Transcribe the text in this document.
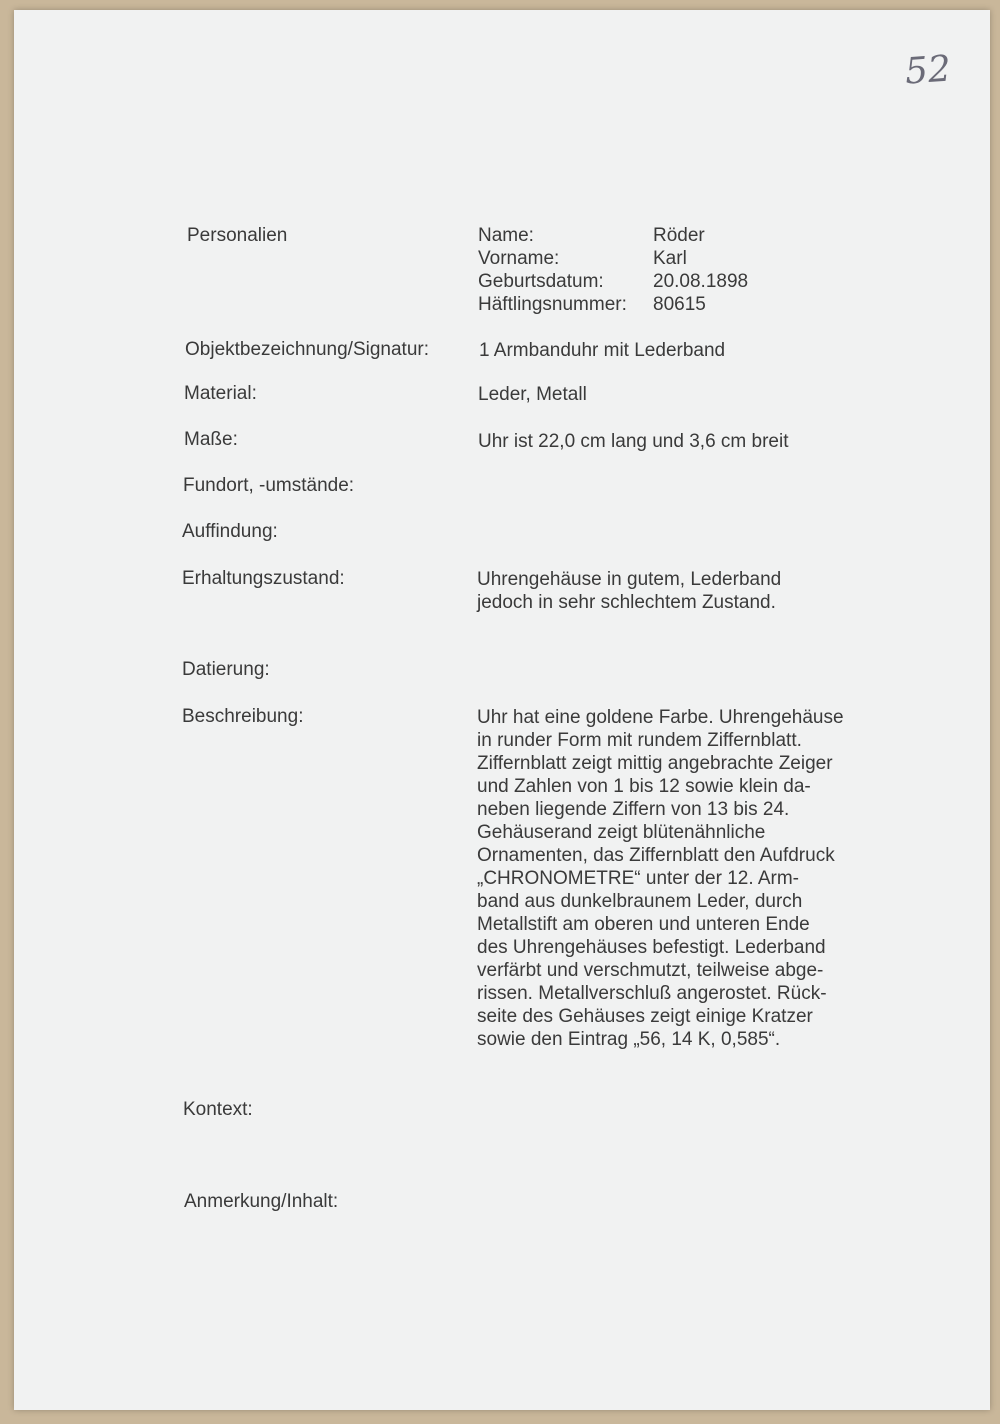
52
Personalien	Name:	Röder
Vorname:	Karl
Geburtsdatum:	20.08.1898
Häftlingsnummer:	80615
Objektbezeichnung/Signatur:	1 Armbanduhr mit Lederband
Material:	Leder, Metall
Maße:	Uhr ist 22,0 cm lang und 3,6 cm breit
Fundort, -umstände:
Auffindung:
Erhaltungszustand:	Uhrengehäuse in gutem, Lederband
jedoch in sehr schlechtem Zustand.
Datierung:
Beschreibung:	Uhr hat eine goldene Farbe. Uhrengehäuse
in runder Form mit rundem Ziffernblatt.
Ziffernblatt zeigt mittig angebrachte Zeiger
und Zahlen von 1 bis 12 sowie klein da-
neben liegende Ziffern von 13 bis 24.
Gehäuserand zeigt blütenähnliche
Ornamenten, das Ziffernblatt den Aufdruck
„CHRONOMETRE“ unter der 12. Arm-
band aus dunkelbraunem Leder, durch
Metallstift am oberen und unteren Ende
des Uhrengehäuses befestigt. Lederband
verfärbt und verschmutzt, teilweise abge-
rissen. Metallverschluß angerostet. Rück-
seite des Gehäuses zeigt einige Kratzer
sowie den Eintrag „56, 14 K, 0,585“.
Kontext:
Anmerkung/Inhalt:
